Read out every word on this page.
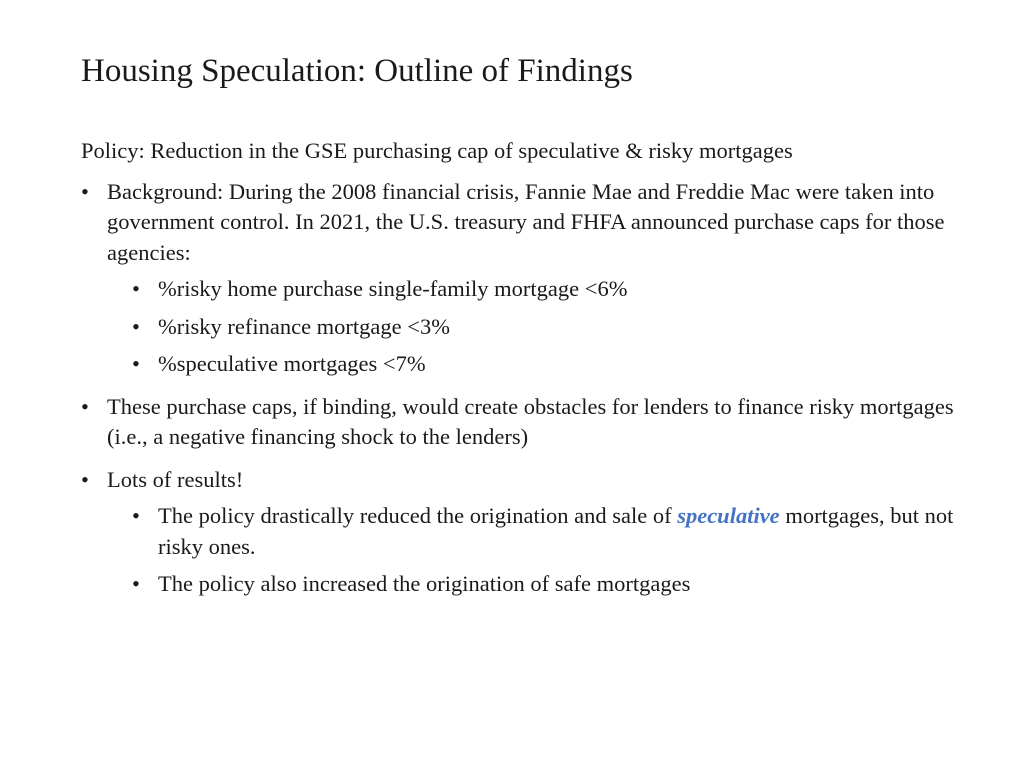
Housing Speculation: Outline of Findings

Policy: Reduction in the GSE purchasing cap of speculative & risky mortgages

• Background: During the 2008 financial crisis, Fannie Mae and Freddie Mac were taken into government control. In 2021, the U.S. treasury and FHFA announced purchase caps for those agencies:
• %risky home purchase single-family mortgage <6%
• %risky refinance mortgage <3%
• %speculative mortgages <7%
• These purchase caps, if binding, would create obstacles for lenders to finance risky mortgages (i.e., a negative financing shock to the lenders)
• Lots of results!
• The policy drastically reduced the origination and sale of speculative mortgages, but not risky ones.
• The policy also increased the origination of safe mortgages
